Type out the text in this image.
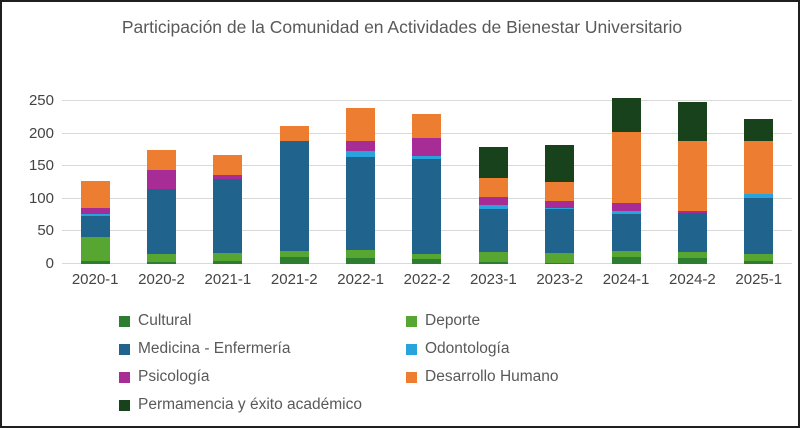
Participación de la Comunidad en Actividades de Bienestar Universitario
0
50
100
150
200
250
2020-1	2020-2	2021-1	2021-2	2022-1	2022-2	2023-1	2023-2	2024-1	2024-2	2025-1
Cultural	Deporte
Medicina - Enfermería	Odontología
Psicología	Desarrollo Humano
Permamencia y éxito académico
